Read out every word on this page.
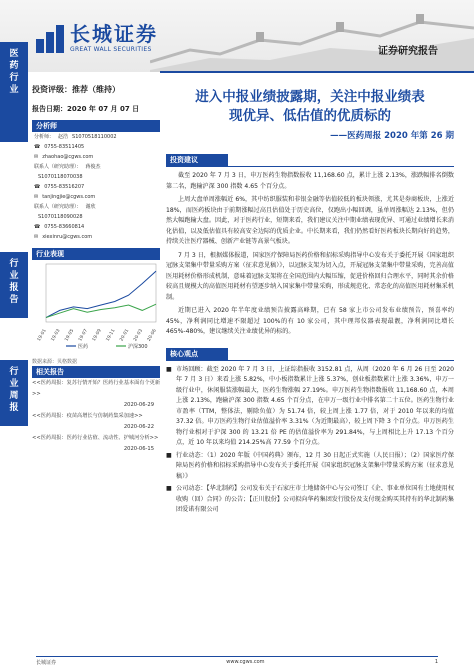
长城证券
GREAT WALL SECURITIES	证券研究报告
医
药
行
业
行
业
报
告
行
业
周
报
投资评级：推荐（维持）
报告日期：2020 年 07 月 07 日
分析师
分析师： 赵浩 S1070518110002
☎ 0755-83511405
✉ zhaohao@cgws.com
联系人（研究助理）： 蒋俊杰
S1070118070038
☎ 0755-83516207
✉ tanjingjie@cgws.com
联系人（研究助理）： 谢欣
S1070118090028
☎ 0755-83660814
✉ xiexinru@cgws.com
行业表现
19-01 19-03 19-05 19-07 19-09 19-11 20-01 20-03 20-06
医药	沪深300
数据来源：贝格数据
相关报告
<<医药周报：复苏行情开始？医药行业基本面有个更新>>
2020-06-29
<<医药周报：疫苗高增长与仿制药集采加速>>
2020-06-22
<<医药周报：医药行业估值、流动性、护城河分析>>
2020-06-15
进入中报业绩披露期，关注中报业绩表
现优异、低估值的优质标的
——医药周报 2020 年第 26 期
投资建议

截至 2020 年 7 月 3 日，申万医药生物指数报收 11,168.60 点，累计上涨 2.13%，涨跌幅排名倒数第二名，跑输沪深 300 指数 4.65 个百分点。

上周大盘单周涨幅近 6%，其中纺织服装和非银金融等估值较低的板块领涨，尤其是券商板块，上涨近 18%，而医药板块由于前期涨幅过高且估值处于历史高位，仅跑出小幅回调，虽单周涨幅达 2.13%，但仍然大幅跑输大盘。因此，对于医药行业，短期来看，我们建议关注中期业绩表现优异、可通过业绩增长来消化估值，以及低估值具有较高安全边际的优质企业。中长期来看，我们仍然看好医药板块长期向好的趋势，持续关注医疗器械、创新产业链等高景气板块。

7 月 3 日，根据媒体报道，国家医疗保障局医药价格和招标采购指导中心发布关于委托开展《国家组织冠脉支架集中带量采购方案（征求意见稿）》，以冠脉支架为切入点，开展冠脉支架集中带量采购，完善高值医用耗材价格形成机制，意味着冠脉支架将在全国范围内大幅压缩，促进价格回归合理水平，同时其余价格较高且规模大的高值医用耗材有望逐步纳入国家集中带量采购，形成规范化、常态化的高值医用耗材集采机制。

近期已进入 2020 年半年度业绩预告披露高峰期，已有 58 家上市公司发布业绩预告，预喜率约 45%，净利润同比增速不限超过 100%的有 10 家公司，其中理邦仪器表现最靓，净利润同比增长 465%-480%，建议继续关注业绩优异的标的。

核心观点
■ 市场回顾：截至 2020 年 7 月 3 日，上证综指报收 3152.81 点，从周（2020 年 6 月 26 日至 2020 年 7 月 3 日）来看上涨 5.82%，中小板指数累计上涨 5.37%，创业板指数累计上涨 3.36%，申万一级行业中，休闲服装涨幅最大，医药生物涨幅 27.19%。申万医药生物指数报收 11,168.60 点，本周上涨 2.13%，跑输沪深 300 指数 4.65 个百分点，在申万一级行业中排名第二十五位。医药生物行业市盈率（TTM，整体法，剔除负值）为 51.74 倍，较上周上涨 1.77 倍，对于 2010 年以来的均值 37.32 倍。申万医药生物行业估值溢价率 3.31%（为近期最高），较上周下降 3 个百分点。申万医药生物行业相对于沪深 300 的 13.21 倍 PE 的估值溢价率为 291.84%，与上周相比上升 17.13 个百分点，近 10 年以来均值 214.25%高 77.59 个百分点。
■ 行业动态：（1）2020 年版《中国药典》颁布，12 月 30 日起正式实施（人民日报）；（2）国家医疗保障局医药价格和招标采购指导中心发布关于委托开展《国家组织冠脉支架集中带量采购方案（征求意见稿）》
■ 公司动态：【华北制药】公司发布关于石家庄市土地储备中心与公司签订《企、事业单位国有土地使用权收购（回）合同》的公告；【正川股份】公司拟向华药集团发行股份及支付现金购买其持有的华北制药集团爱诺有限公司
长城证券	www.cgws.com	1
